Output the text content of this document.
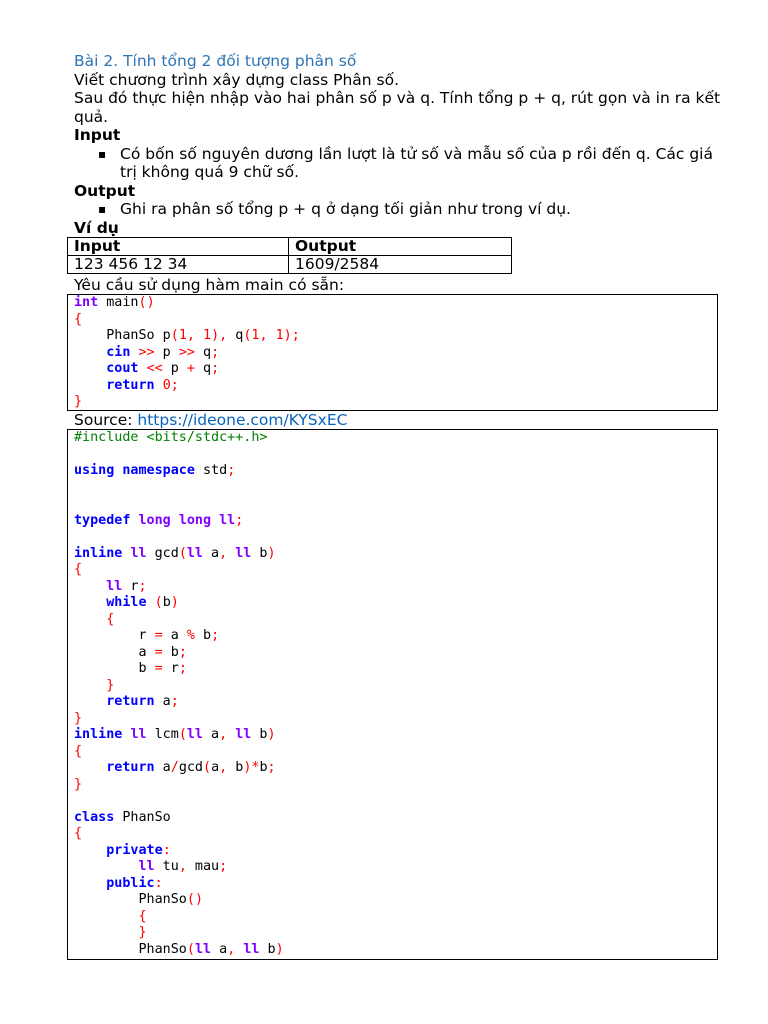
Bài 2. Tính tổng 2 đối tượng phân số

Viết chương trình xây dựng class Phân số.

Sau đó thực hiện nhập vào hai phân số p và q. Tính tổng p + q, rút gọn và in ra kết quả.

Input

▪ Có bốn số nguyên dương lần lượt là tử số và mẫu số của p rồi đến q. Các giá trị không quá 9 chữ số.

Output

▪ Ghi ra phân số tổng p + q ở dạng tối giản như trong ví dụ.

Ví dụ

Input	Output
123 456 12 34	1609/2584
Yêu cầu sử dụng hàm main có sẵn:
int main()
{
PhanSo p(1, 1), q(1, 1);
cin >> p >> q;
cout << p + q;
return 0;
}
Source: https://ideone.com/KYSxEC
#include <bits/stdc++.h>
using namespace std;
typedef long long ll;
inline ll gcd(ll a, ll b)
{
ll r;
while (b)
{
r = a % b;
a = b;
b = r;
}
return a;
}
inline ll lcm(ll a, ll b)
{
return a/gcd(a, b)*b;
}
class PhanSo
{
private:
ll tu, mau;
public:
PhanSo()
{
}
PhanSo(ll a, ll b)
